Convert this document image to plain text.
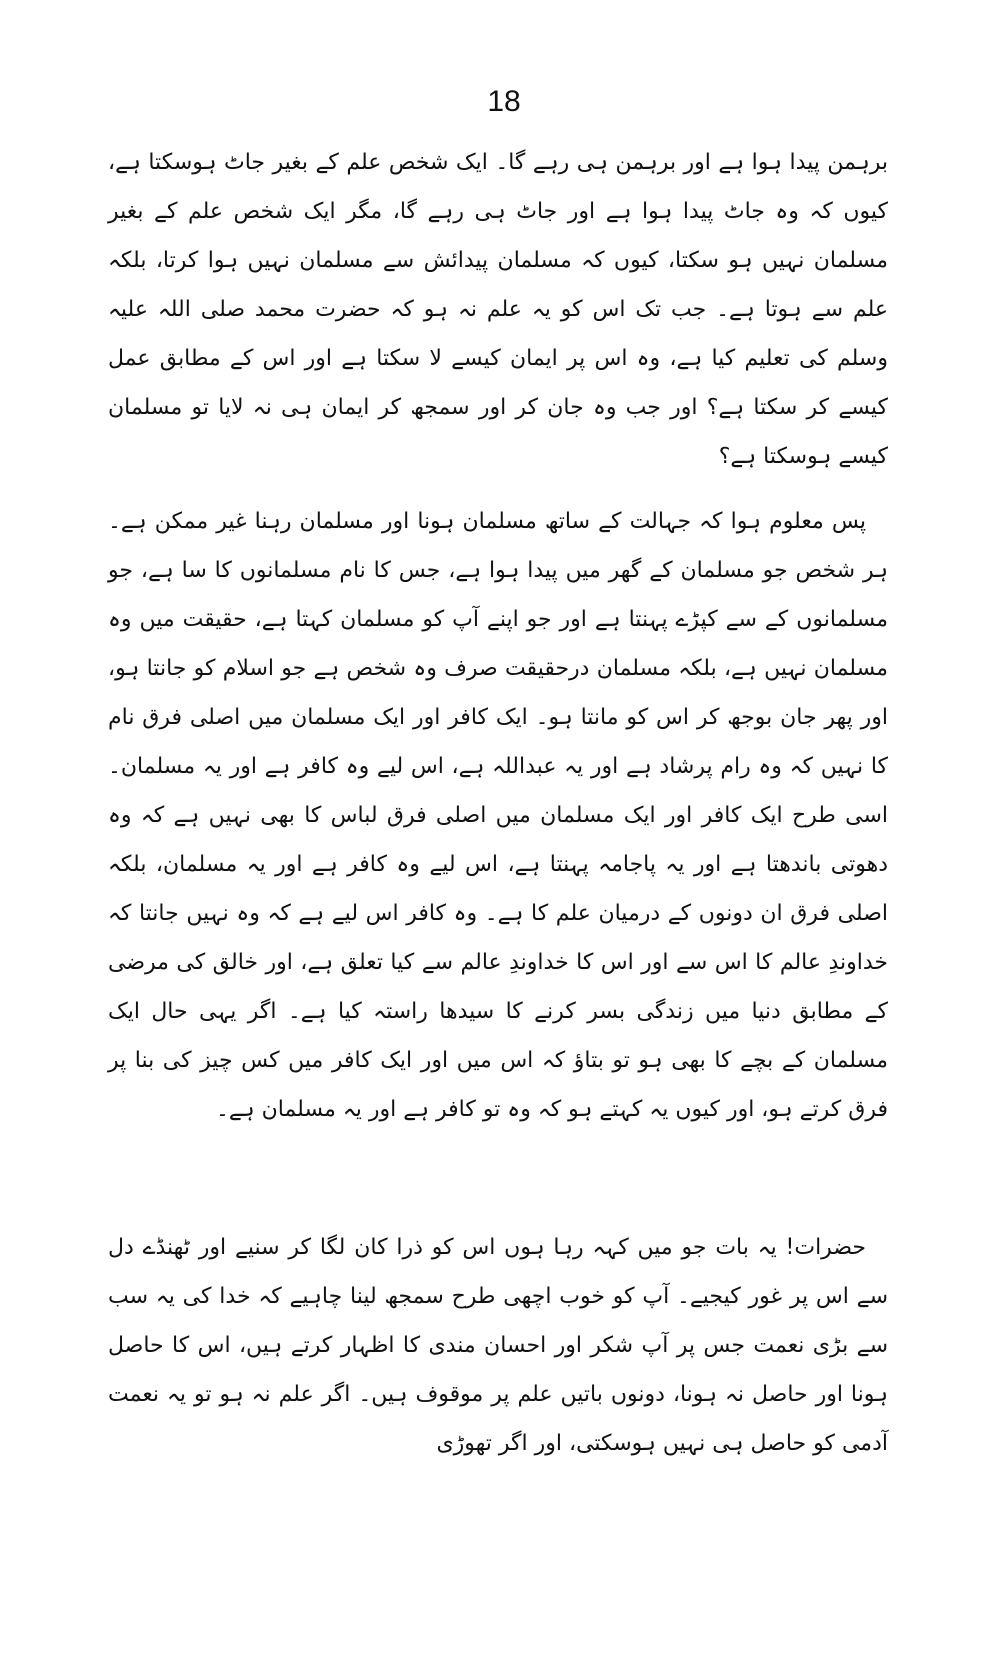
18
برہمن پیدا ہوا ہے اور برہمن ہی رہے گا۔ ایک شخص علم کے بغیر جاٹ ہوسکتا ہے، کیوں کہ وہ جاٹ پیدا ہوا ہے اور جاٹ ہی رہے گا، مگر ایک شخص علم کے بغیر مسلمان نہیں ہو سکتا، کیوں کہ مسلمان پیدائش سے مسلمان نہیں ہوا کرتا، بلکہ علم سے ہوتا ہے۔ جب تک اس کو یہ علم نہ ہو کہ حضرت محمد صلی اللہ علیہ وسلم کی تعلیم کیا ہے، وہ اس پر ایمان کیسے لا سکتا ہے اور اس کے مطابق عمل کیسے کر سکتا ہے؟ اور جب وہ جان کر اور سمجھ کر ایمان ہی نہ لایا تو مسلمان کیسے ہوسکتا ہے؟
پس معلوم ہوا کہ جہالت کے ساتھ مسلمان ہونا اور مسلمان رہنا غیر ممکن ہے۔ ہر شخص جو مسلمان کے گھر میں پیدا ہوا ہے، جس کا نام مسلمانوں کا سا ہے، جو مسلمانوں کے سے کپڑے پہنتا ہے اور جو اپنے آپ کو مسلمان کہتا ہے، حقیقت میں وہ مسلمان نہیں ہے، بلکہ مسلمان درحقیقت صرف وہ شخص ہے جو اسلام کو جانتا ہو، اور پھر جان بوجھ کر اس کو مانتا ہو۔ ایک کافر اور ایک مسلمان میں اصلی فرق نام کا نہیں کہ وہ رام پرشاد ہے اور یہ عبداللہ ہے، اس لیے وہ کافر ہے اور یہ مسلمان۔ اسی طرح ایک کافر اور ایک مسلمان میں اصلی فرق لباس کا بھی نہیں ہے کہ وہ دھوتی باندھتا ہے اور یہ پاجامہ پہنتا ہے، اس لیے وہ کافر ہے اور یہ مسلمان، بلکہ اصلی فرق ان دونوں کے درمیان علم کا ہے۔ وہ کافر اس لیے ہے کہ وہ نہیں جانتا کہ خداوندِ عالم کا اس سے اور اس کا خداوندِ عالم سے کیا تعلق ہے، اور خالق کی مرضی کے مطابق دنیا میں زندگی بسر کرنے کا سیدھا راستہ کیا ہے۔ اگر یہی حال ایک مسلمان کے بچے کا بھی ہو تو بتاؤ کہ اس میں اور ایک کافر میں کس چیز کی بنا پر فرق کرتے ہو، اور کیوں یہ کہتے ہو کہ وہ تو کافر ہے اور یہ مسلمان ہے۔
حضرات! یہ بات جو میں کہہ رہا ہوں اس کو ذرا کان لگا کر سنیے اور ٹھنڈے دل سے اس پر غور کیجیے۔ آپ کو خوب اچھی طرح سمجھ لینا چاہیے کہ خدا کی یہ سب سے بڑی نعمت جس پر آپ شکر اور احسان مندی کا اظہار کرتے ہیں، اس کا حاصل ہونا اور حاصل نہ ہونا، دونوں باتیں علم پر موقوف ہیں۔ اگر علم نہ ہو تو یہ نعمت آدمی کو حاصل ہی نہیں ہوسکتی، اور اگر تھوڑی
